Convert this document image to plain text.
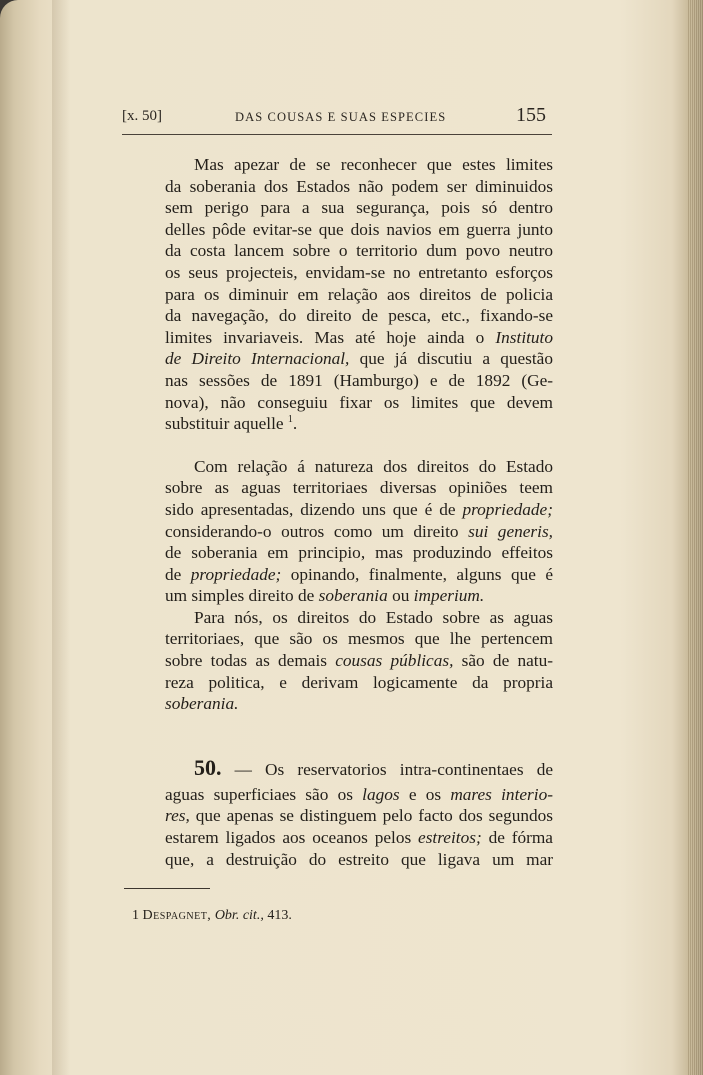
[x. 50]	DAS COUSAS E SUAS ESPECIES	155
Mas apezar de se reconhecer que estes limites
da soberania dos Estados não podem ser diminuidos
sem perigo para a sua segurança, pois só dentro
delles pôde evitar-se que dois navios em guerra junto
da costa lancem sobre o territorio dum povo neutro
os seus projecteis, envidam-se no entretanto esforços
para os diminuir em relação aos direitos de policia
da navegação, do direito de pesca, etc., fixando-se
limites invariaveis. Mas até hoje ainda o Instituto
de Direito Internacional, que já discutiu a questão
nas sessões de 1891 (Hamburgo) e de 1892 (Ge-
nova), não conseguiu fixar os limites que devem
substituir aquelle $^1$.
Com relação á natureza dos direitos do Estado
sobre as aguas territoriaes diversas opiniões teem
sido apresentadas, dizendo uns que é de propriedade;
considerando-o outros como um direito sui generis,
de soberania em principio, mas produzindo effeitos
de propriedade; opinando, finalmente, alguns que é
um simples direito de soberania ou imperium.
Para nós, os direitos do Estado sobre as aguas
territoriaes, que são os mesmos que lhe pertencem
sobre todas as demais cousas públicas, são de natu-
reza politica, e derivam logicamente da propria
soberania.
50. — Os reservatorios intra-continentaes de
aguas superficiaes são os lagos e os mares interio-
res, que apenas se distinguem pelo facto dos segundos
estarem ligados aos oceanos pelos estreitos; de fórma
que, a destruição do estreito que ligava um mar
1 Despagnet, Obr. cit., 413.
